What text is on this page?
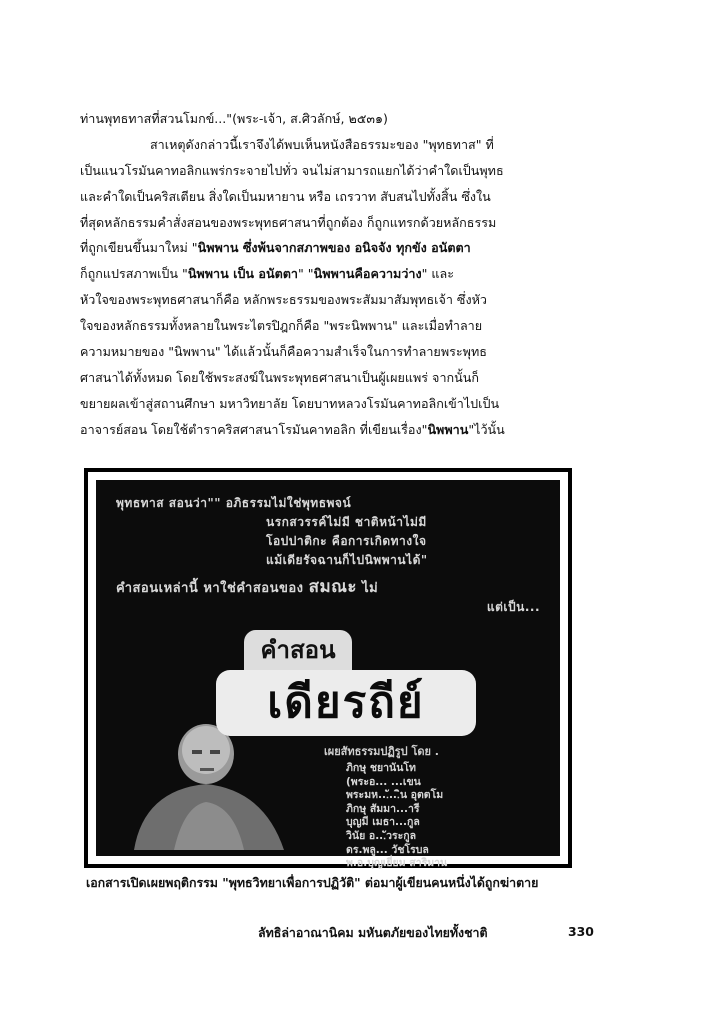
ท่านพุทธทาสที่สวนโมกข์..."(พระ-เจ้า, ส.ศิวลักษ์, ๒๕๓๑)
สาเหตุดังกล่าวนี้เราจึงได้พบเห็นหนังสือธรรมะของ "พุทธทาส" ที่
เป็นแนวโรมันคาทอลิกแพร่กระจายไปทั่ว จนไม่สามารถแยกได้ว่าคำใดเป็นพุทธ
และคำใดเป็นคริสเตียน สิ่งใดเป็นมหายาน หรือ เถรวาท สับสนไปทั้งสิ้น ซึ่งใน
ที่สุดหลักธรรมคำสั่งสอนของพระพุทธศาสนาที่ถูกต้อง ก็ถูกแทรกด้วยหลักธรรม
ที่ถูกเขียนขึ้นมาใหม่ "นิพพาน ซึ่งพ้นจากสภาพของ อนิจจัง ทุกขัง อนัตตา
ก็ถูกแปรสภาพเป็น "นิพพาน เป็น อนัตตา" "นิพพานคือความว่าง" และ
หัวใจของพระพุทธศาสนาก็คือ หลักพระธรรมของพระสัมมาสัมพุทธเจ้า ซึ่งหัว
ใจของหลักธรรมทั้งหลายในพระไตรปิฎกก็คือ "พระนิพพาน" และเมื่อทำลาย
ความหมายของ "นิพพาน" ได้แล้วนั้นก็คือความสำเร็จในการทำลายพระพุทธ
ศาสนาได้ทั้งหมด โดยใช้พระสงฆ์ในพระพุทธศาสนาเป็นผู้เผยแพร่ จากนั้นก็
ขยายผลเข้าสู่สถานศึกษา มหาวิทยาลัย โดยบาทหลวงโรมันคาทอลิกเข้าไปเป็น
อาจารย์สอน โดยใช้ตำราคริสศาสนาโรมันคาทอลิก ที่เขียนเรื่อง"นิพพาน"ไว้นั้น
พุทธทาส สอนว่า"" อภิธรรมไม่ใช่พุทธพจน์
นรกสวรรค์ไม่มี ชาติหน้าไม่มี
โอปปาติกะ คือการเกิดทางใจ
แม้เดียรัจฉานก็ไปนิพพานได้"
คำสอนเหล่านี้ หาใช่คำสอนของ สมณะ ไม่
แต่เป็น...
คำสอน
เดียรถีย์
เผยสัทธรรมปฏิรูป โดย .
ภิกษุ ชยานันโท
(พระอ... ...เขน
พระมห...ั...ิน อุตตโม
ภิกษุ สัมมา...ารี
บุญมี เมธา...กูล
วินัย อ...ัวระกูล
ดร.พลู... วัชโรบล
พ.อ.บุญเยี่ยม สาริมาน
เอกสารเปิดเผยพฤติกรรม "พุทธวิทยาเพื่อการปฏิวัติ" ต่อมาผู้เขียนคนหนึ่งได้ถูกฆ่าตาย
ลัทธิล่าอาณานิคม มหันตภัยของไทยทั้งชาติ	330
